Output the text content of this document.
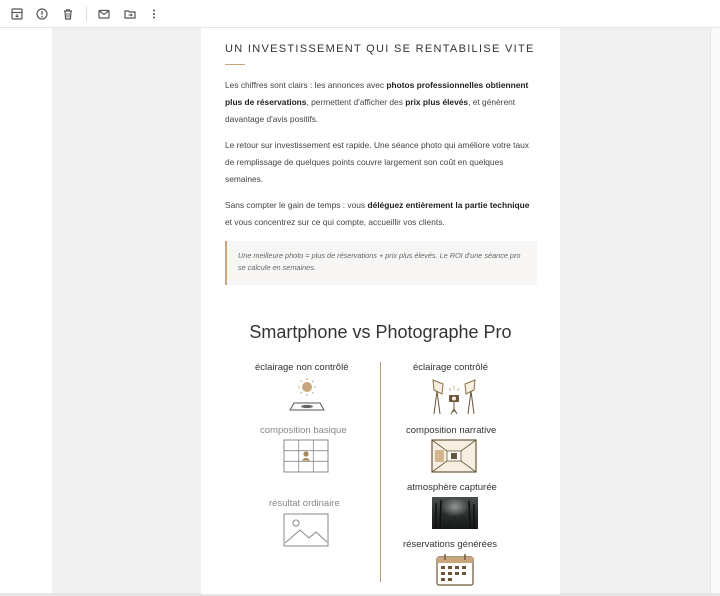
UN INVESTISSEMENT QUI SE RENTABILISE VITE

Les chiffres sont clairs : les annonces avec photos professionnelles obtiennent plus de réservations, permettent d'afficher des prix plus élevés, et génèrent davantage d'avis positifs.

Le retour sur investissement est rapide. Une séance photo qui améliore votre taux de remplissage de quelques points couvre largement son coût en quelques semaines.

Sans compter le gain de temps : vous déléguez entièrement la partie technique et vous concentrez sur ce qui compte, accueillir vos clients.

Une meilleure photo = plus de réservations + prix plus élevés. Le ROI d'une séance pro se calcule en semaines.
Smartphone vs Photographe Pro
éclairage non contrôlé
composition basique
résultat ordinaire
éclairage contrôlé
composition narrative
atmosphère capturée
réservations générées
